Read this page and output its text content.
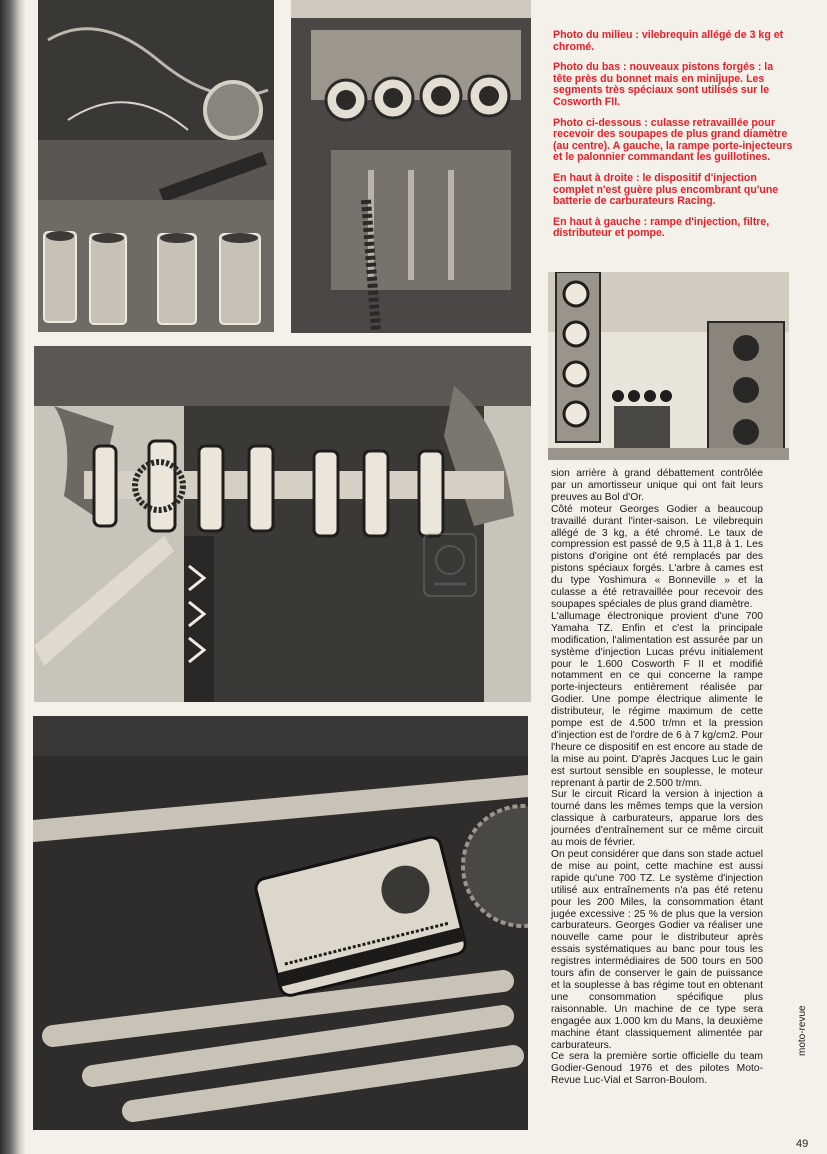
Photo du milieu : vilebrequin allégé de 3 kg et chromé.

Photo du bas : nouveaux pistons forgés : la tête près du bonnet mais en minijupe. Les segments très spéciaux sont utilisés sur le Cosworth FII.

Photo ci-dessous : culasse retravaillée pour recevoir des soupapes de plus grand diamètre (au centre). A gauche, la rampe porte-injecteurs et le palonnier commandant les guillotines.

En haut à droite : le dispositif d'injection complet n'est guère plus encombrant qu'une batterie de carburateurs Racing.

En haut à gauche : rampe d'injection, filtre, distributeur et pompe.

sion arrière à grand débattement contrôlée par un amortisseur unique qui ont fait leurs preuves au Bol d'Or.

Côté moteur Georges Godier a beaucoup travaillé durant l'inter-saison. Le vilebrequin allégé de 3 kg, a été chromé. Le taux de compression est passé de 9,5 à 11,8 à 1. Les pistons d'origine ont été remplacés par des pistons spéciaux forgés. L'arbre à cames est du type Yoshimura « Bonneville » et la culasse a été retravaillée pour recevoir des soupapes spéciales de plus grand diamètre.

L'allumage électronique provient d'une 700 Yamaha TZ. Enfin et c'est la principale modification, l'alimentation est assurée par un système d'injection Lucas prévu initialement pour le 1.600 Cosworth F II et modifié notamment en ce qui concerne la rampe porte-injecteurs entièrement réalisée par Godier. Une pompe électrique alimente le distributeur, le régime maximum de cette pompe est de 4.500 tr/mn et la pression d'injection est de l'ordre de 6 à 7 kg/cm2. Pour l'heure ce dispositif en est encore au stade de la mise au point. D'après Jacques Luc le gain est surtout sensible en souplesse, le moteur reprenant à partir de 2.500 tr/mn.

Sur le circuit Ricard la version à injection a tourné dans les mêmes temps que la version classique à carburateurs, apparue lors des journées d'entraînement sur ce même circuit au mois de février.

On peut considérer que dans son stade actuel de mise au point, cette machine est aussi rapide qu'une 700 TZ. Le système d'injection utilisé aux entraînements n'a pas été retenu pour les 200 Miles, la consommation étant jugée excessive : 25 % de plus que la version carburateurs. Georges Godier va réaliser une nouvelle came pour le distributeur après essais systématiques au banc pour tous les registres intermédiaires de 500 tours en 500 tours afin de conserver le gain de puissance et la souplesse à bas régime tout en obtenant une consommation spécifique plus raisonnable. Un machine de ce type sera engagée aux 1.000 km du Mans, la deuxième machine étant classiquement alimentée par carburateurs.

Ce sera la première sortie officielle du team Godier-Genoud 1976 et des pilotes Moto-Revue Luc-Vial et Sarron-Boulom.

moto-revue
49
